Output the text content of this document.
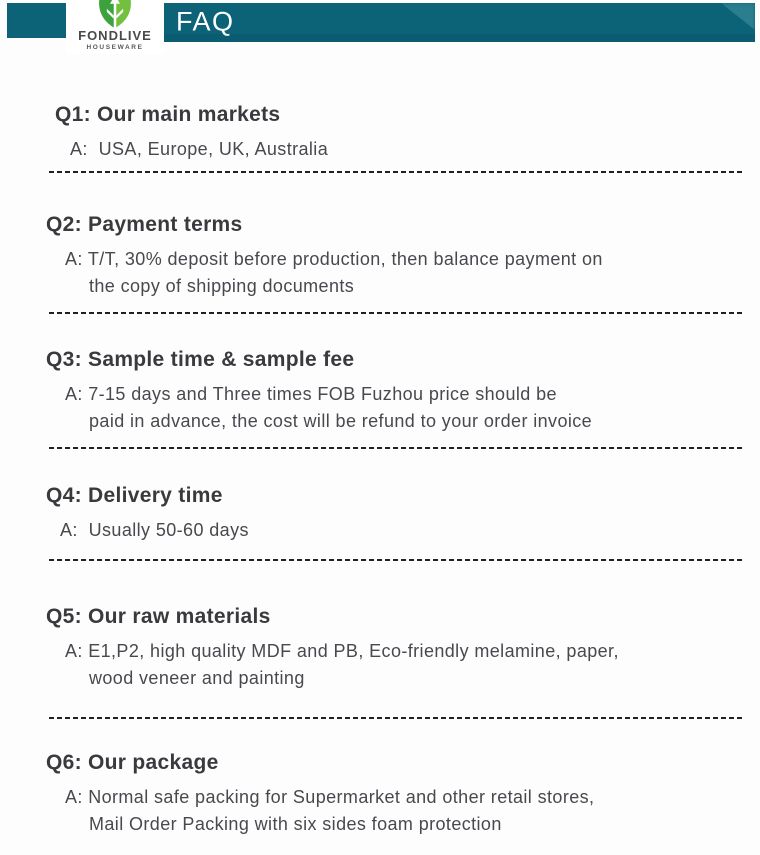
FONDLIVE
HOUSEWARE
FAQ
Q1: Our main markets
A:  USA, Europe, UK, Australia
Q2: Payment terms
A: T/T, 30% deposit before production, then balance payment on
the copy of shipping documents
Q3: Sample time & sample fee
A: 7-15 days and Three times FOB Fuzhou price should be
paid in advance, the cost will be refund to your order invoice
Q4: Delivery time
A:  Usually 50-60 days
Q5: Our raw materials
A: E1,P2, high quality MDF and PB, Eco-friendly melamine, paper,
wood veneer and painting
Q6: Our package
A: Normal safe packing for Supermarket and other retail stores,
Mail Order Packing with six sides foam protection
